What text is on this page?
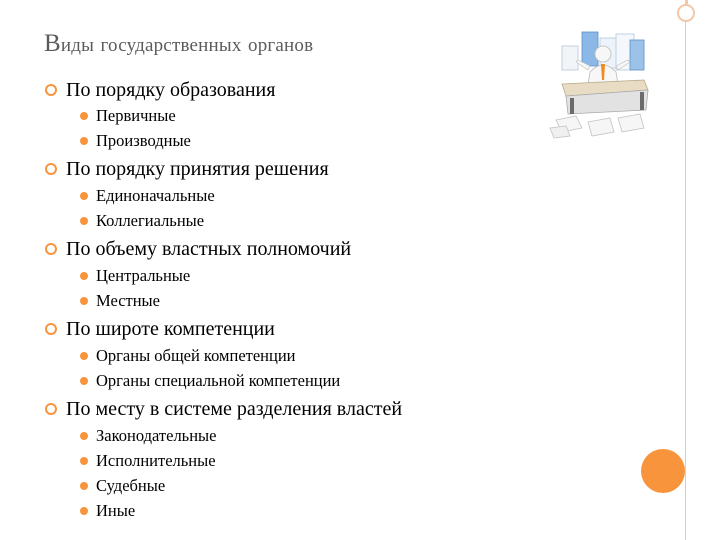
Виды государственных органов
По порядку образования
Первичные
Производные
По порядку принятия решения
Единоначальные
Коллегиальные
По объему властных полномочий
Центральные
Местные
По широте компетенции
Органы общей компетенции
Органы специальной компетенции
По месту в системе разделения властей
Законодательные
Исполнительные
Судебные
Иные
